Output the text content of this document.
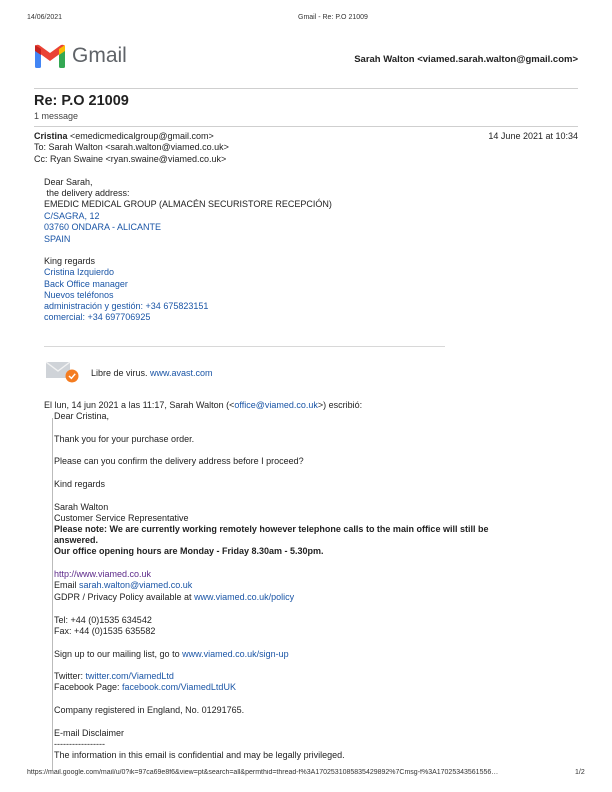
14/06/2021	Gmail - Re: P.O 21009
Gmail	Sarah Walton <viamed.sarah.walton@gmail.com>
Re: P.O 21009
1 message
Cristina <emedicmedicalgroup@gmail.com>	14 June 2021 at 10:34
To: Sarah Walton <sarah.walton@viamed.co.uk>
Cc: Ryan Swaine <ryan.swaine@viamed.co.uk>
Dear Sarah,
the delivery address:
EMEDIC MEDICAL GROUP (ALMACÉN SECURISTORE RECEPCIÓN)
C/SAGRA, 12
03760 ONDARA - ALICANTE
SPAIN
King regards
Cristina Izquierdo
Back Office manager
Nuevos teléfonos
administración y gestión: +34 675823151
comercial: +34 697706925
Libre de virus. www.avast.com
El lun, 14 jun 2021 a las 11:17, Sarah Walton (<office@viamed.co.uk>) escribió:
Dear Cristina,
Thank you for your purchase order.
Please can you confirm the delivery address before I proceed?
Kind regards
Sarah Walton
Customer Service Representative
Please note: We are currently working remotely however telephone calls to the main office will still be
answered.
Our office opening hours are Monday - Friday 8.30am - 5.30pm.
http://www.viamed.co.uk
Email sarah.walton@viamed.co.uk
GDPR / Privacy Policy available at www.viamed.co.uk/policy
Tel: +44 (0)1535 634542
Fax: +44 (0)1535 635582
Sign up to our mailing list, go to www.viamed.co.uk/sign-up
Twitter: twitter.com/ViamedLtd
Facebook Page: facebook.com/ViamedLtdUK
Company registered in England, No. 01291765.
E-mail Disclaimer
-----------------
The information in this email is confidential and may be legally privileged.
https://mail.google.com/mail/u/0?ik=97ca69e8f6&view=pt&search=all&permthid=thread-f%3A1702531085835429892%7Cmsg-f%3A17025343561556…	1/2
